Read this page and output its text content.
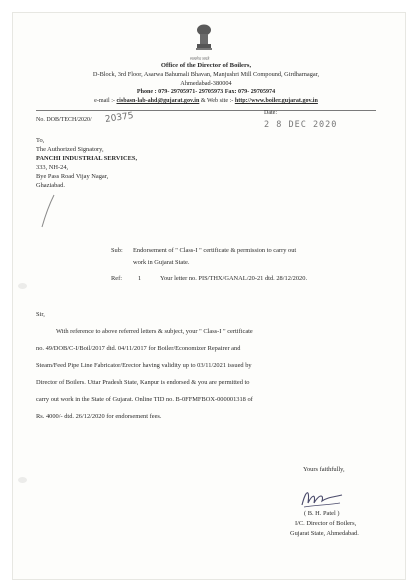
सत्यमेव जयते
Office of the Director of Boilers,
D-Block, 3rd Floor, Asarwa Bahumali Bhavan, Manjushri Mill Compound, Girdharnagar,
Ahmedabad-380004
Phone : 079- 29705971- 29705973 Fax: 079- 29705974
e-mail :- cisbasn-lab-ahd@gujarat.gov.in & Web site :- http://www.boiler.gujarat.gov.in
No. DOB/TECH/2020/ 20375	Date:
2 8 DEC 2020
To,
The Authorized Signatory,
PANCHI INDUSTRIAL SERVICES,
333, NH-24,
Bye Pass Road Vijay Nagar,
Ghaziabad.
Sub: Endorsement of " Class-I " certificate & permission to carry out
work in Gujarat State.
Ref: 1	Your letter no. PIS/THX/GANAL/20-21 dtd. 28/12/2020.
Sir,
With reference to above referred letters & subject, your " Class-I " certificate
no. 49/DOB/C-I/Boil/2017 dtd. 04/11/2017 for Boiler/Economizer Repairer and
Steam/Feed Pipe Line Fabricator/Erector having validity up to 03/11/2021 issued by
Director of Boilers. Uttar Pradesh State, Kanpur is endorsed & you are permitted to
carry out work in the State of Gujarat. Online TID no. B-0FFMFBOX-000001318 of
Rs. 4000/- dtd. 26/12/2020 for endorsement fees.
Yours faithfully,
( B. H. Patel )
I/C. Director of Boilers,
Gujarat State, Ahmedabad.
